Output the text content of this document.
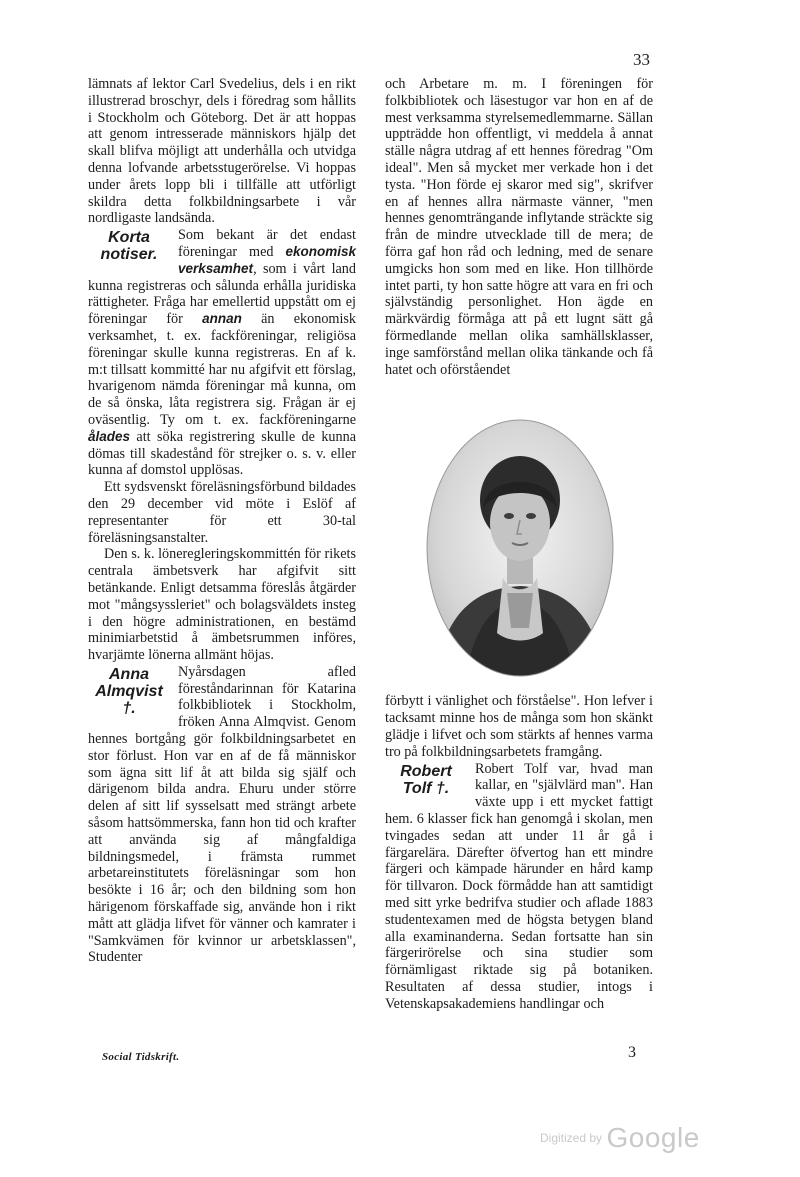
33

lämnats af lektor Carl Svedelius, dels i en rikt illustrerad broschyr, dels i föredrag som hållits i Stockholm och Göteborg. Det är att hoppas att genom intresserade människors hjälp det skall blifva möjligt att underhålla och utvidga denna lofvande arbetsstugerörelse. Vi hoppas under årets lopp bli i tillfälle att utförligt skildra detta folkbildningsarbete i vår nordligaste landsända.

Korta notiser.
Som bekant är det endast föreningar med ekonomisk verksamhet, som i vårt land kunna registreras och sålunda erhålla juridiska rättigheter. Fråga har emellertid uppstått om ej föreningar för annan än ekonomisk verksamhet, t. ex. fackföreningar, religiösa föreningar skulle kunna registreras. En af k. m:t tillsatt kommitté har nu afgifvit ett förslag, hvarigenom nämda föreningar må kunna, om de så önska, låta registrera sig. Frågan är ej oväsentlig. Ty om t. ex. fackföreningarne ålades att söka registrering skulle de kunna dömas till skadestånd för strejker o. s. v. eller kunna af domstol upplösas.

Ett sydsvenskt föreläsningsförbund bildades den 29 december vid möte i Eslöf af representanter för ett 30-tal föreläsningsanstalter.

Den s. k. löneregleringskommittén för rikets centrala ämbetsverk har afgifvit sitt betänkande. Enligt detsamma föreslås åtgärder mot "mångsyssleriet" och bolagsväldets insteg i den högre administrationen, en bestämd minimiarbetstid å ämbetsrummen införes, hvarjämte lönerna allmänt höjas.

Anna Almqvist †.
Nyårsdagen afled föreståndarinnan för Katarina folkbibliotek i Stockholm, fröken Anna Almqvist. Genom hennes bortgång gör folkbildningsarbetet en stor förlust. Hon var en af de få människor som ägna sitt lif åt att bilda sig själf och därigenom bilda andra. Ehuru under större delen af sitt lif sysselsatt med strängt arbete såsom hattsömmerska, fann hon tid och krafter att använda sig af mångfaldiga bildningsmedel, i främsta rummet arbetareinstitutets föreläsningar som hon besökte i 16 år; och den bildning som hon härigenom förskaffade sig, använde hon i rikt mått att glädja lifvet för vänner och kamrater i "Samkvämen för kvinnor ur arbetsklassen", Studenter

och Arbetare m. m. I föreningen för folkbibliotek och läsestugor var hon en af de mest verksamma styrelsemedlemmarne. Sällan uppträdde hon offentligt, vi meddela å annat ställe några utdrag af ett hennes föredrag "Om ideal". Men så mycket mer verkade hon i det tysta. "Hon förde ej skaror med sig", skrifver en af hennes allra närmaste vänner, "men hennes genomträngande inflytande sträckte sig från de mindre utvecklade till de mera; de förra gaf hon råd och ledning, med de senare umgicks hon som med en like. Hon tillhörde intet parti, ty hon satte högre att vara en fri och självständig personlighet. Hon ägde en märkvärdig förmåga att på ett lugnt sätt gå förmedlande mellan olika samhällsklasser, inge samförstånd mellan olika tänkande och få hatet och oförståendet

förbytt i vänlighet och förståelse". Hon lefver i tacksamt minne hos de många som hon skänkt glädje i lifvet och som stärkts af hennes varma tro på folkbildningsarbetets framgång.

Robert Tolf †.
Robert Tolf var, hvad man kallar, en "självlärd man". Han växte upp i ett mycket fattigt hem. 6 klasser fick han genomgå i skolan, men tvingades sedan att under 11 år gå i färgarelära. Därefter öfvertog han ett mindre färgeri och kämpade härunder en hård kamp för tillvaron. Dock förmådde han att samtidigt med sitt yrke bedrifva studier och aflade 1883 studentexamen med de högsta betygen bland alla examinanderna. Sedan fortsatte han sin färgerirörelse och sina studier som förnämligast riktade sig på botaniken. Resultaten af dessa studier, intogs i Vetenskapsakademiens handlingar och

Social Tidskrift.	3
Digitized by Google
